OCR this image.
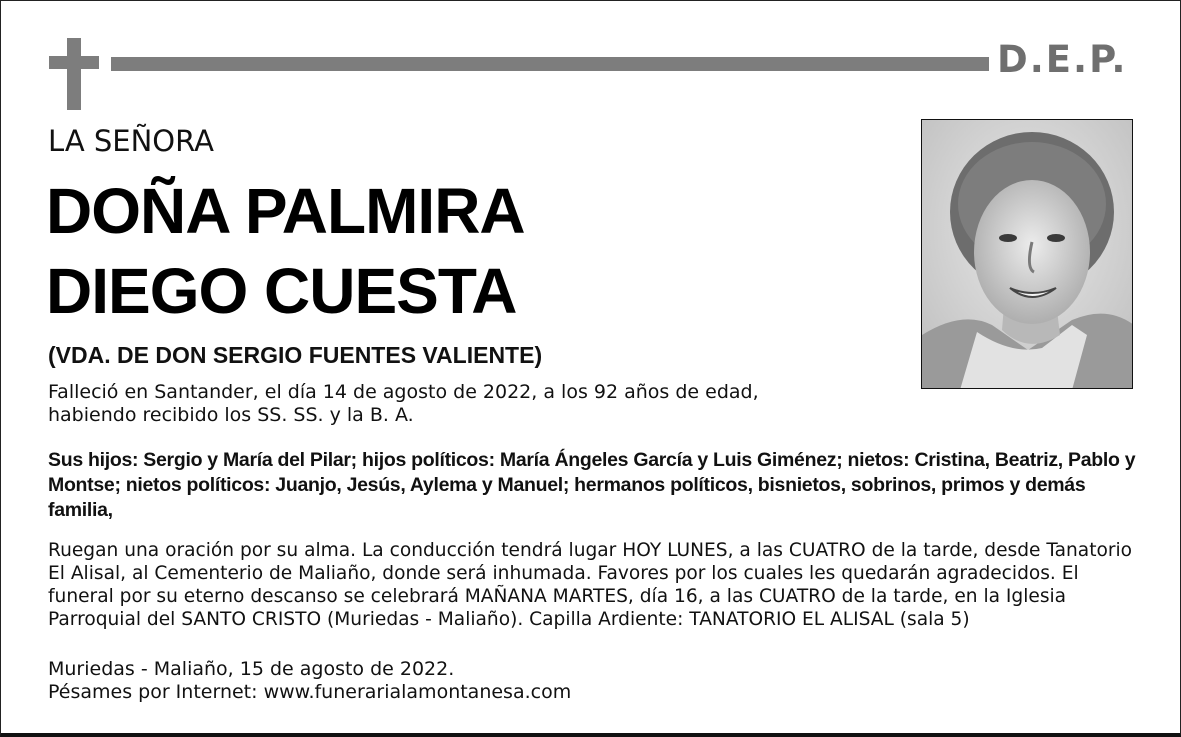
D.E.P.
LA SEÑORA
DOÑA PALMIRA
DIEGO CUESTA
(VDA. DE DON SERGIO FUENTES VALIENTE)
Falleció en Santander, el día 14 de agosto de 2022, a los 92 años de edad,
habiendo recibido los SS. SS. y la B. A.
Sus hijos: Sergio y María del Pilar; hijos políticos: María Ángeles García y Luis Giménez; nietos: Cristina, Beatriz, Pablo y Montse; nietos políticos: Juanjo, Jesús, Aylema y Manuel; hermanos políticos, bisnietos, sobrinos, primos y demás familia,
Ruegan una oración por su alma. La conducción tendrá lugar HOY LUNES, a las CUATRO de la tarde, desde Tanatorio El Alisal, al Cementerio de Maliaño, donde será inhumada. Favores por los cuales les quedarán agradecidos. El funeral por su eterno descanso se celebrará MAÑANA MARTES, día 16, a las CUATRO de la tarde, en la Iglesia Parroquial del SANTO CRISTO (Muriedas - Maliaño). Capilla Ardiente: TANATORIO EL ALISAL (sala 5)
Muriedas - Maliaño, 15 de agosto de 2022.
Pésames por Internet: www.funerarialamontanesa.com
